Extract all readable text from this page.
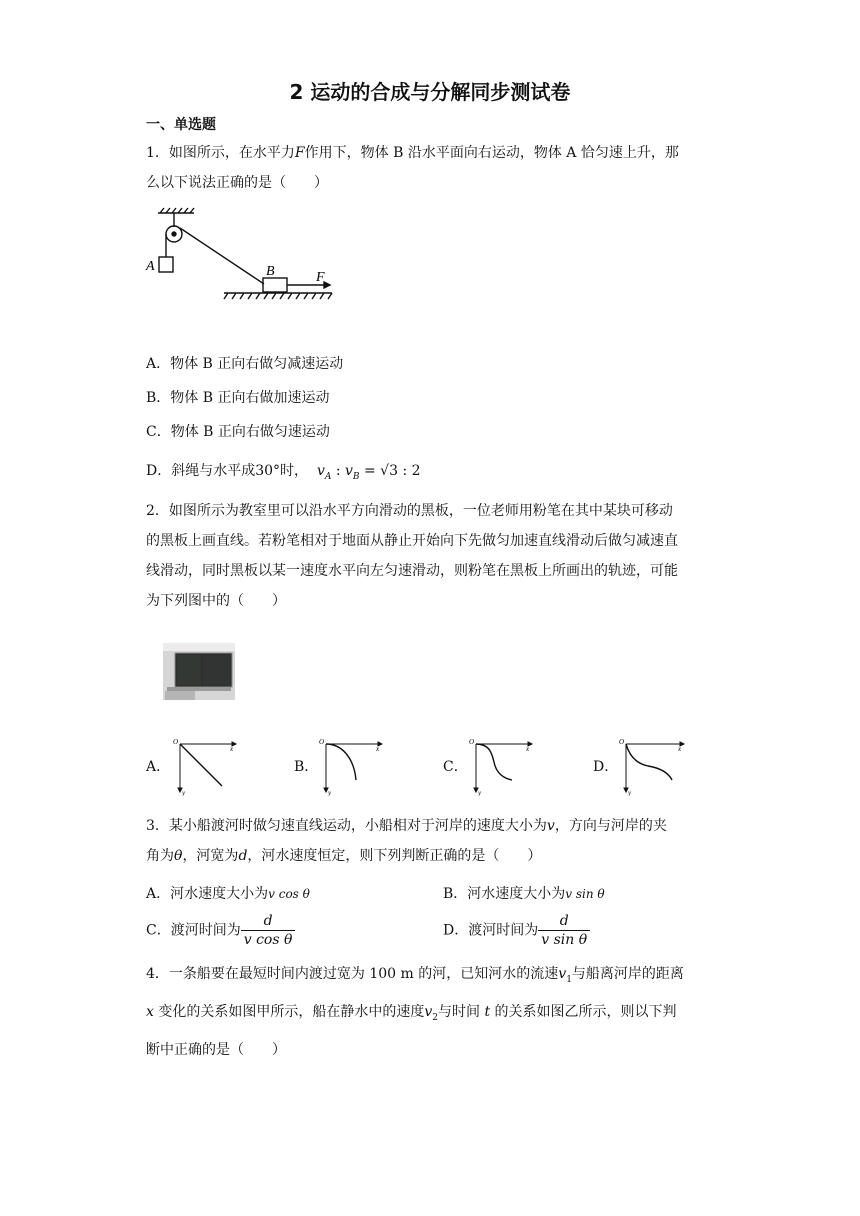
2 运动的合成与分解同步测试卷
一、单选题
1．如图所示，在水平力F作用下，物体 B 沿水平面向右运动，物体 A 恰匀速上升，那
么以下说法正确的是（　　）
A	B	F
A．物体 B 正向右做匀减速运动
B．物体 B 正向右做加速运动
C．物体 B 正向右做匀速运动
D．斜绳与水平成30°时， $v_A$ : $v_B = √3$ : 2
2．如图所示为教室里可以沿水平方向滑动的黑板，一位老师用粉笔在其中某块可移动
的黑板上画直线。若粉笔相对于地面从静止开始向下先做匀加速直线滑动后做匀减速直
线滑动，同时黑板以某一速度水平向左匀速滑动，则粉笔在黑板上所画出的轨迹，可能
为下列图中的（　　）
A．
O
x
y
B．
O
x
y
C．
O
x
y
D．
O
x
y
3．某小船渡河时做匀速直线运动，小船相对于河岸的速度大小为v，方向与河岸的夹
角为θ，河宽为d，河水速度恒定，则下列判断正确的是（　　）
A．河水速度大小为v cos θ	B．河水速度大小为v sin θ
C．渡河时间为 $\frac{d}{\text{v cos θ}}$	D．渡河时间为 $\frac{d}{\text{v sin θ}}$
4．一条船要在最短时间内渡过宽为 100 m 的河，已知河水的流速$v_1$与船离河岸的距离
x 变化的关系如图甲所示，船在静水中的速度$v_2$与时间 t 的关系如图乙所示，则以下判
断中正确的是（　　）
